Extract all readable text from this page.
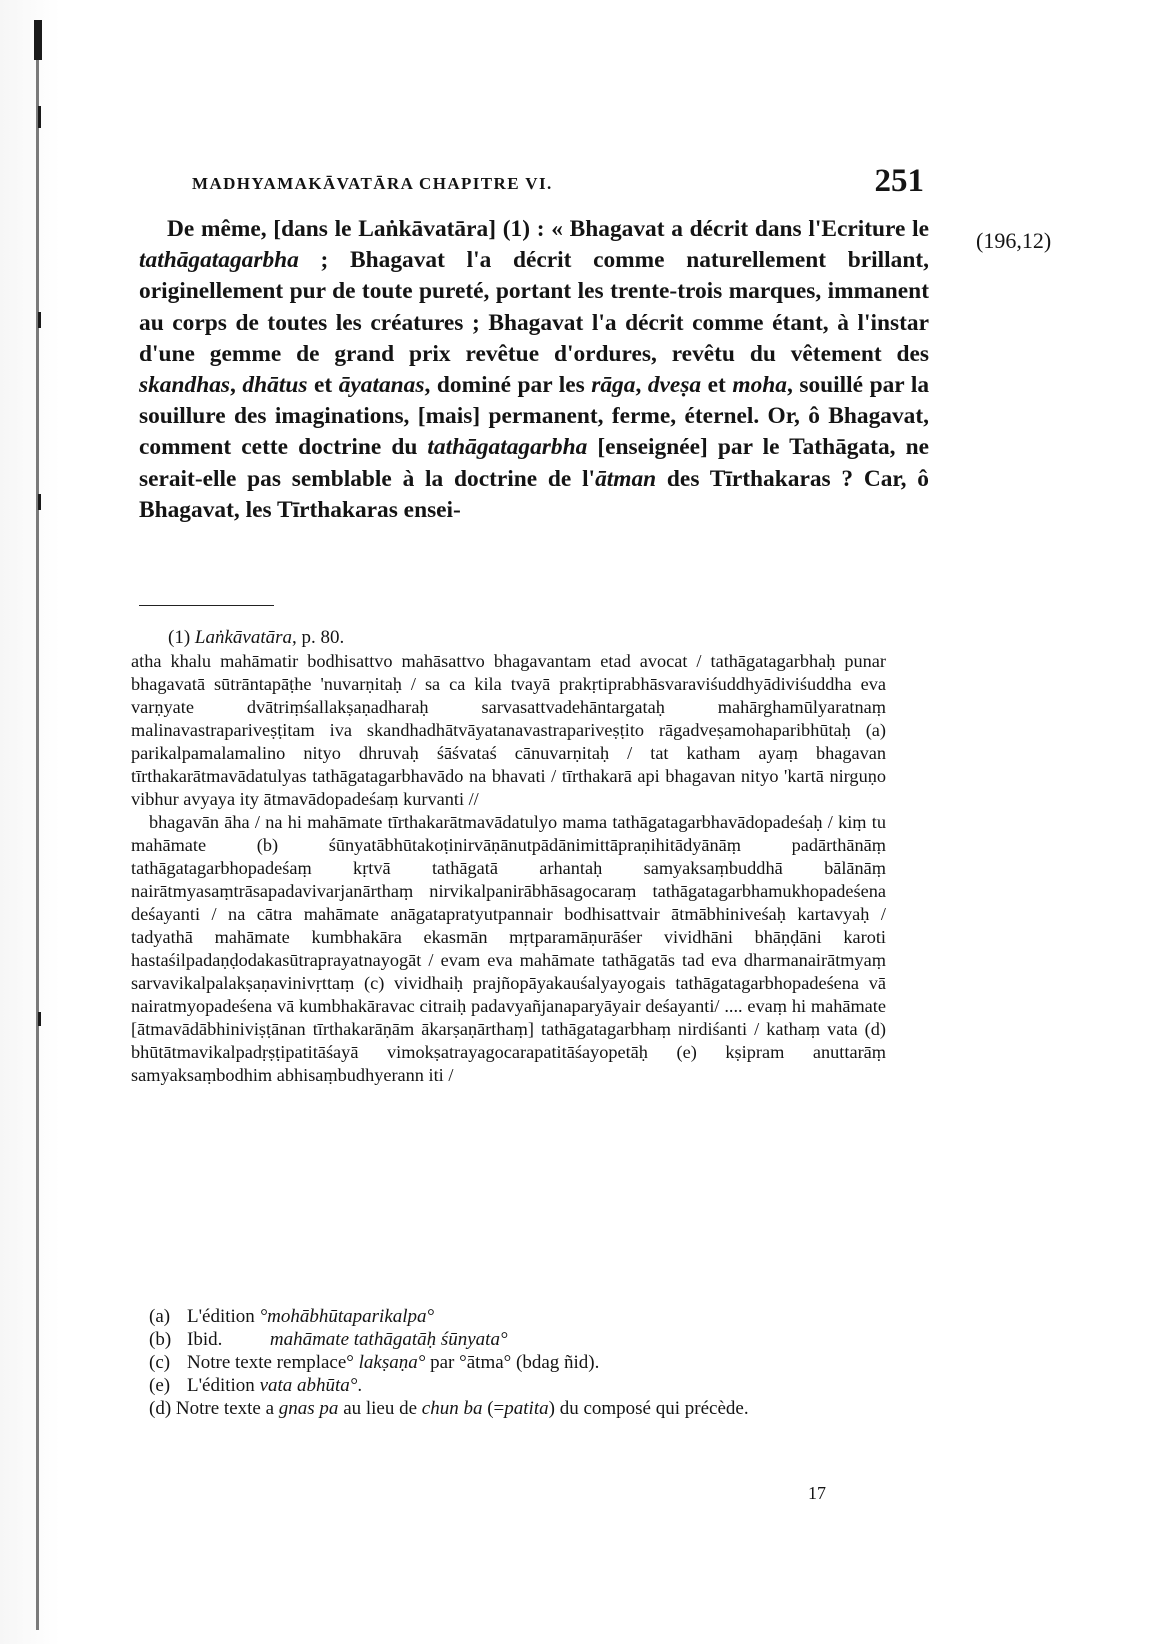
MADHYAMAKĀVATĀRA CHAPITRE VI.	251
(196,12)
De même, [dans le Laṅkāvatāra] (1) : « Bhagavat a décrit dans l'Ecriture le tathāgatagarbha ; Bhagavat l'a décrit comme naturellement brillant, originellement pur de toute pureté, portant les trente-trois marques, immanent au corps de toutes les créatures ; Bhagavat l'a décrit comme étant, à l'instar d'une gemme de grand prix revêtue d'ordures, revêtu du vêtement des skandhas, dhātus et āyatanas, dominé par les rāga, dveṣa et moha, souillé par la souillure des imaginations, [mais] permanent, ferme, éternel. Or, ô Bhagavat, comment cette doctrine du tathāgatagarbha [enseignée] par le Tathāgata, ne serait-elle pas semblable à la doctrine de l'ātman des Tīrthakaras ? Car, ô Bhagavat, les Tīrthakaras ensei-
(1) Laṅkāvatāra, p. 80.

atha khalu mahāmatir bodhisattvo mahāsattvo bhagavantam etad avocat / tathāgatagarbhaḥ punar bhagavatā sūtrāntapāṭhe 'nuvarṇitaḥ / sa ca kila tvayā prakṛtiprabhāsvaraviśuddhyādiviśuddha eva varṇyate dvātriṃśallakṣaṇadharaḥ sarvasattvadehāntargataḥ mahārghamūlyaratnaṃ malinavastrapariveṣṭitam iva skandhadhātvāyatanavastrapariveṣṭito rāgadveṣamohaparibhūtaḥ (a) parikalpamalamalino nityo dhruvaḥ śāśvataś cānuvarṇitaḥ / tat katham ayaṃ bhagavan tīrthakarātmavādatulyas tathāgatagarbhavādo na bhavati / tīrthakarā api bhagavan nityo 'kartā nirguṇo vibhur avyaya ity ātmavādopadeśaṃ kurvanti //

bhagavān āha / na hi mahāmate tīrthakarātmavādatulyo mama tathāgatagarbhavādopadeśaḥ / kiṃ tu mahāmate (b) śūnyatābhūtakoṭinirvāṇānutpādānimittāpraṇihitādyānāṃ padārthānāṃ tathāgatagarbhopadeśaṃ kṛtvā tathāgatā arhantaḥ samyaksaṃbuddhā bālānāṃ nairātmyasaṃtrāsapadavivarjanārthaṃ nirvikalpanirābhāsagocaraṃ tathāgatagarbhamukhopadeśena deśayanti / na cātra mahāmate anāgatapratyutpannair bodhisattvair ātmābhiniveśaḥ kartavyaḥ / tadyathā mahāmate kumbhakāra ekasmān mṛtparamāṇurāśer vividhāni bhāṇḍāni karoti hastaśilpadaṇḍodakasūtraprayatnayogāt / evam eva mahāmate tathāgatās tad eva dharmanairātmyaṃ sarvavikalpalakṣaṇavinivṛttaṃ (c) vividhaiḥ prajñopāyakauśalyayogais tathāgatagarbhopadeśena vā nairatmyopadeśena vā kumbhakāravac citraiḥ padavyañjanaparyāyair deśayanti/ .... evaṃ hi mahāmate [ātmavādābhiniviṣṭānan tīrthakarāṇām ākarṣaṇārthaṃ] tathāgatagarbhaṃ nirdiśanti / kathaṃ vata (d) bhūtātmavikalpadṛṣṭipatitāśayā vimokṣatrayagocarapatitāśayopetāḥ (e) kṣipram anuttarāṃ samyaksaṃbodhim abhisaṃbudhyerann iti /

(a) L'édition °mohābhūtaparikalpa°
(b) Ibid.          mahāmate tathāgatāḥ śūnyata°
(c) Notre texte remplace° lakṣaṇa° par °ātma° (bdag ñid).
(e) L'édition vata abhūta°.
(d) Notre texte a gnas pa au lieu de chun ba (=patita) du composé qui précède.
17
